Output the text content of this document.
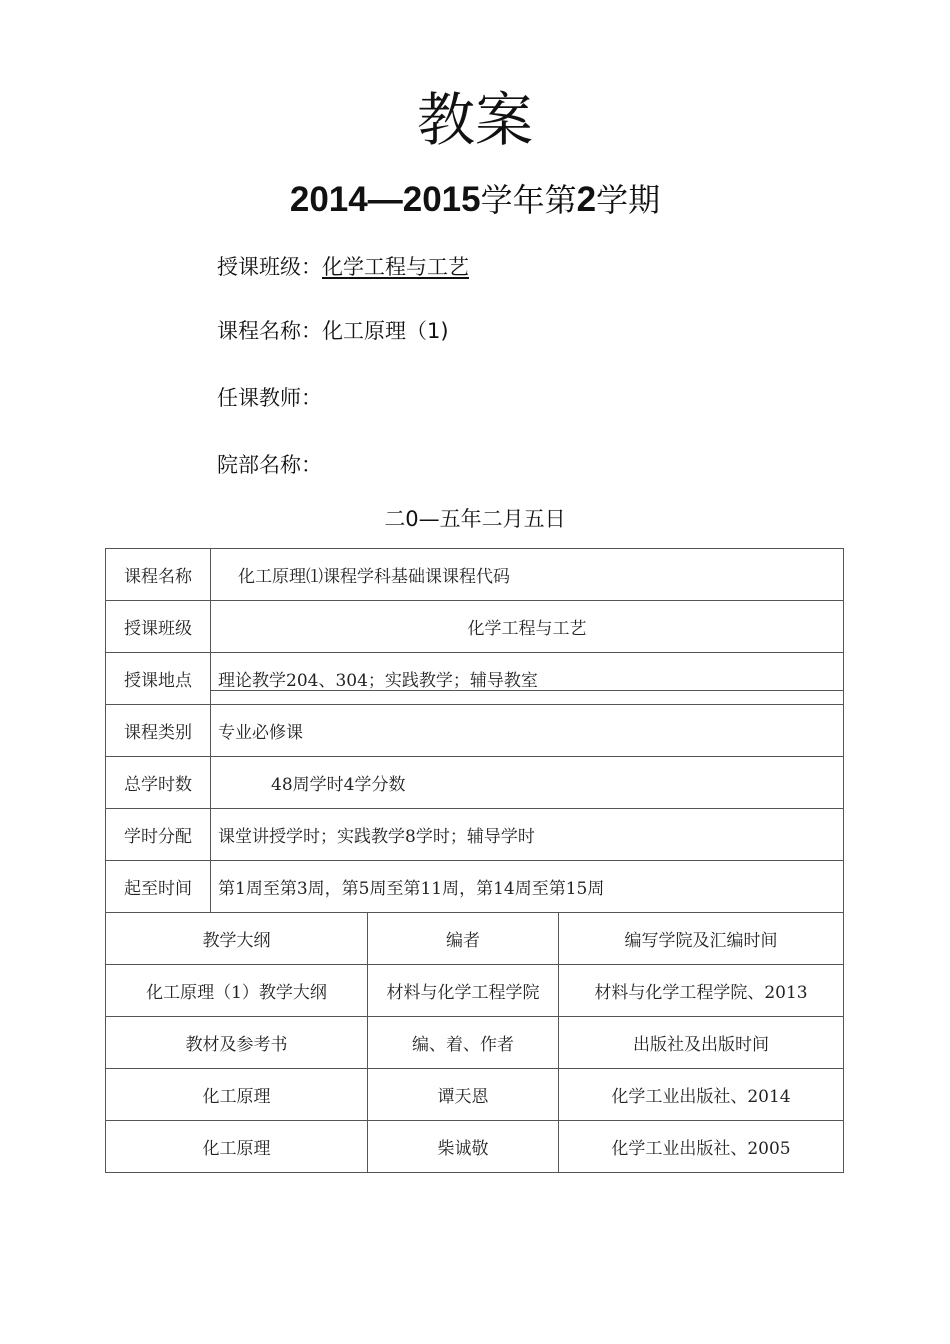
教案
2014—2015学年第2学期
授课班级：化学工程与工艺
课程名称：化工原理（1)
任课教师：
院部名称：
二0—五年二月五日
课程名称	化工原理⑴课程学科基础课课程代码		
授课班级	化学工程与工艺		
授课地点	理论教学204、304；实践教学；辅导教室		

课程类别	专业必修课		
总学时数	48周学时4学分数		
学时分配	课堂讲授学时；实践教学8学时；辅导学时		
起至时间	第1周至第3周，第5周至第11周，第14周至第15周		
教学大纲		编者	编写学院及汇编时间
化工原理（1）教学大纲		材料与化学工程学院	材料与化学工程学院、2013
教材及参考书		编、着、作者	出版社及出版时间
化工原理		谭天恩	化学工业出版社、2014
化工原理		柴诚敬	化学工业出版社、2005
